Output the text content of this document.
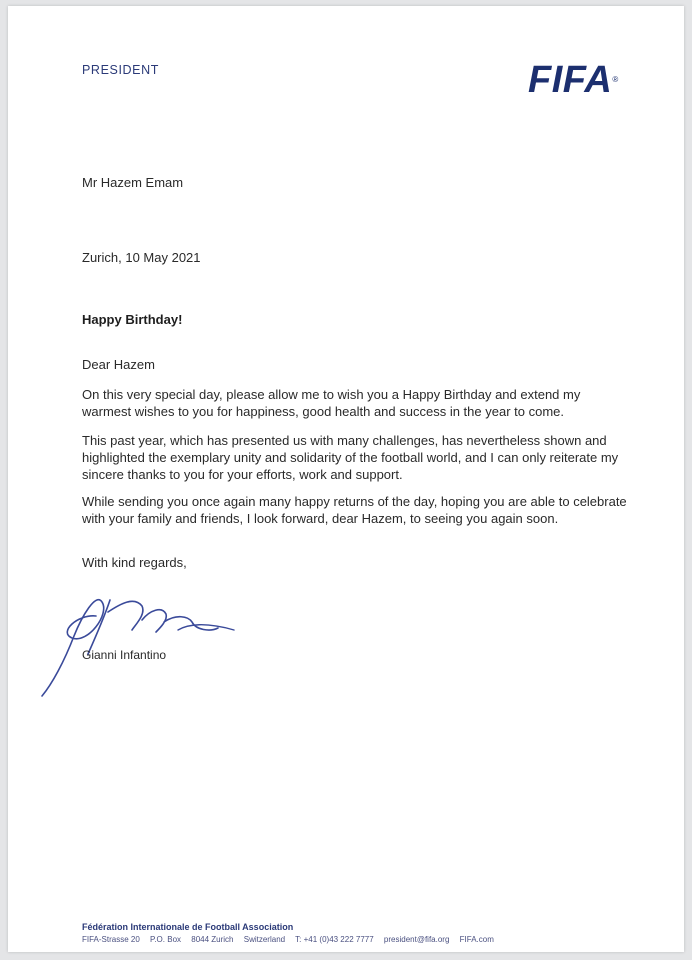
PRESIDENT	FIFA®
Mr Hazem Emam
Zurich, 10 May 2021
Happy Birthday!
Dear Hazem
On this very special day, please allow me to wish you a Happy Birthday and extend my warmest wishes to you for happiness, good health and success in the year to come.
This past year, which has presented us with many challenges, has nevertheless shown and highlighted the exemplary unity and solidarity of the football world, and I can only reiterate my sincere thanks to you for your efforts, work and support.
While sending you once again many happy returns of the day, hoping you are able to celebrate with your family and friends, I look forward, dear Hazem, to seeing you again soon.
With kind regards,
Gianni Infantino
Fédération Internationale de Football Association
FIFA-Strasse 20 P.O. Box 8044 Zurich Switzerland T: +41 (0)43 222 7777 president@fifa.org FIFA.com
